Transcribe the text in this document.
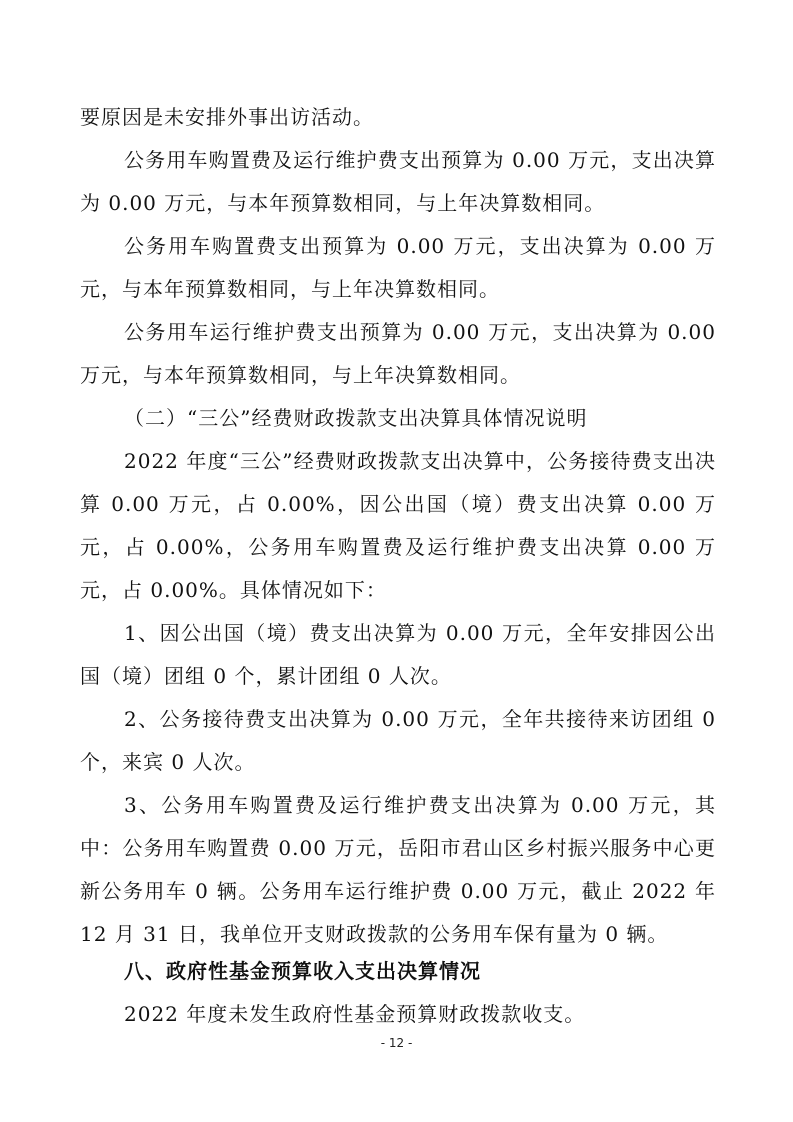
要原因是未安排外事出访活动。

公务用车购置费及运行维护费支出预算为 0.00 万元，支出决算为 0.00 万元，与本年预算数相同，与上年决算数相同。

公务用车购置费支出预算为 0.00 万元，支出决算为 0.00 万元，与本年预算数相同，与上年决算数相同。

公务用车运行维护费支出预算为 0.00 万元，支出决算为 0.00 万元，与本年预算数相同，与上年决算数相同。

（二）“三公”经费财政拨款支出决算具体情况说明

2022 年度“三公”经费财政拨款支出决算中，公务接待费支出决算 0.00 万元，占 0.00%，因公出国（境）费支出决算 0.00 万元，占 0.00%，公务用车购置费及运行维护费支出决算 0.00 万元，占 0.00%。具体情况如下：

1、因公出国（境）费支出决算为 0.00 万元，全年安排因公出国（境）团组 0 个，累计团组 0 人次。

2、公务接待费支出决算为 0.00 万元，全年共接待来访团组 0 个，来宾 0 人次。

3、公务用车购置费及运行维护费支出决算为 0.00 万元，其中：公务用车购置费 0.00 万元，岳阳市君山区乡村振兴服务中心更新公务用车 0 辆。公务用车运行维护费 0.00 万元，截止 2022 年 12 月 31 日，我单位开支财政拨款的公务用车保有量为 0 辆。

八、政府性基金预算收入支出决算情况

2022 年度未发生政府性基金预算财政拨款收支。

- 12 -
